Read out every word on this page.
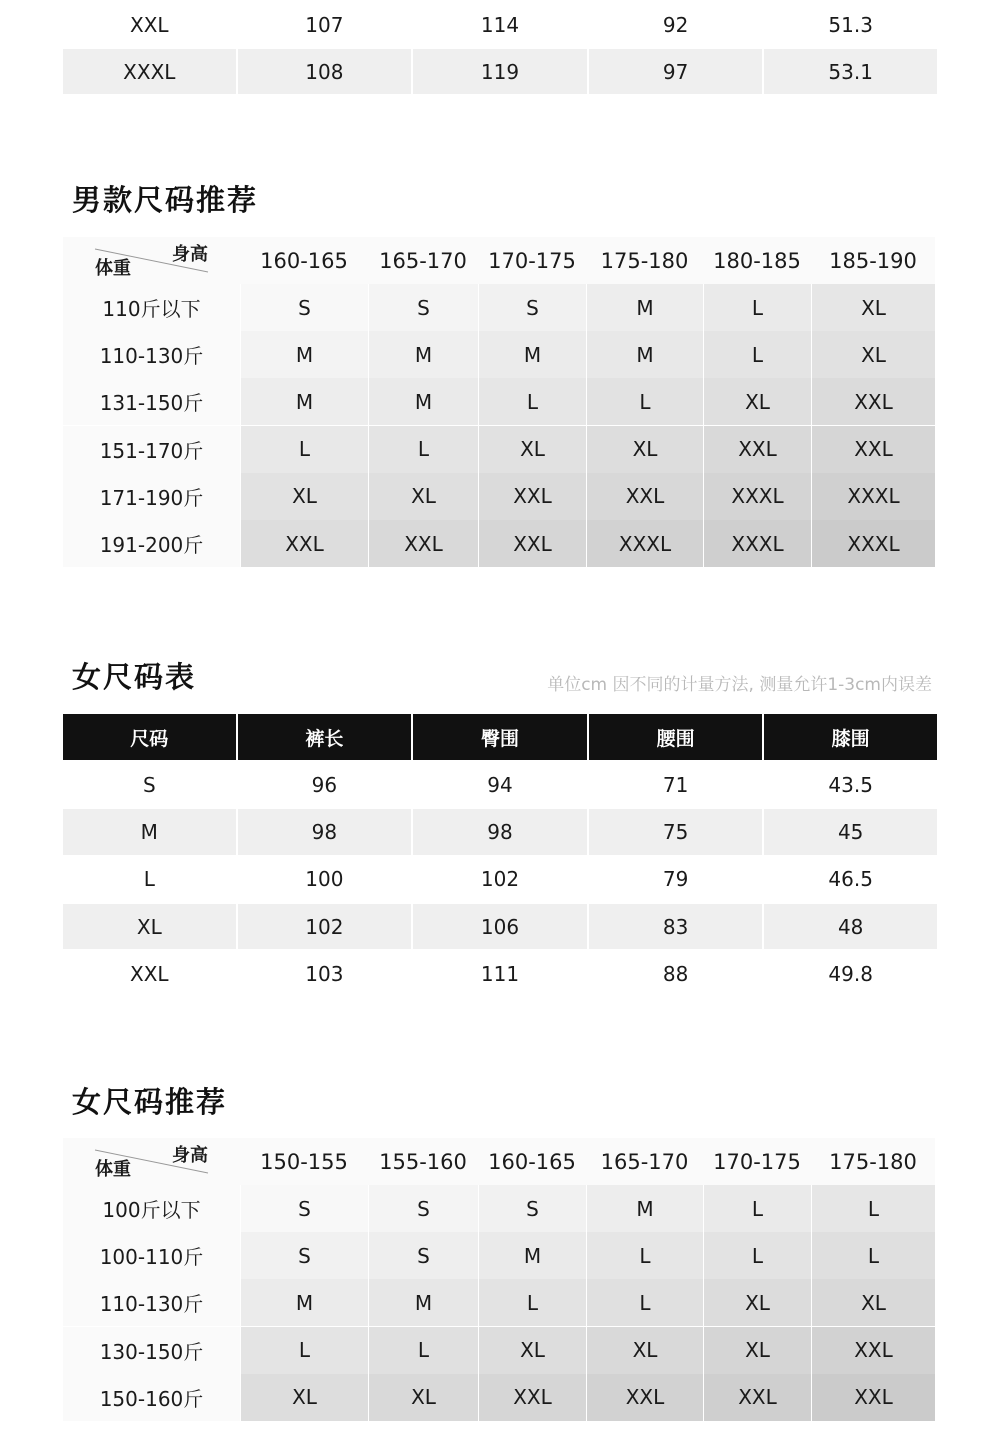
XXL	107	114	92	51.3
XXXL	108	119	97	53.1
男款尺码推荐
身高
体重	160-165	165-170	170-175	175-180	180-185	185-190
110斤以下	S	S	S	M	L	XL
110-130斤	M	M	M	M	L	XL
131-150斤	M	M	L	L	XL	XXL
151-170斤	L	L	XL	XL	XXL	XXL
171-190斤	XL	XL	XXL	XXL	XXXL	XXXL
191-200斤	XXL	XXL	XXL	XXXL	XXXL	XXXL
女尺码表	单位cm 因不同的计量方法, 测量允许1-3cm内误差
尺码	裤长	臀围	腰围	膝围
S	96	94	71	43.5
M	98	98	75	45
L	100	102	79	46.5
XL	102	106	83	48
XXL	103	111	88	49.8
女尺码推荐
身高
体重	150-155	155-160	160-165	165-170	170-175	175-180
100斤以下	S	S	S	M	L	L
100-110斤	S	S	M	L	L	L
110-130斤	M	M	L	L	XL	XL
130-150斤	L	L	XL	XL	XL	XXL
150-160斤	XL	XL	XXL	XXL	XXL	XXL
